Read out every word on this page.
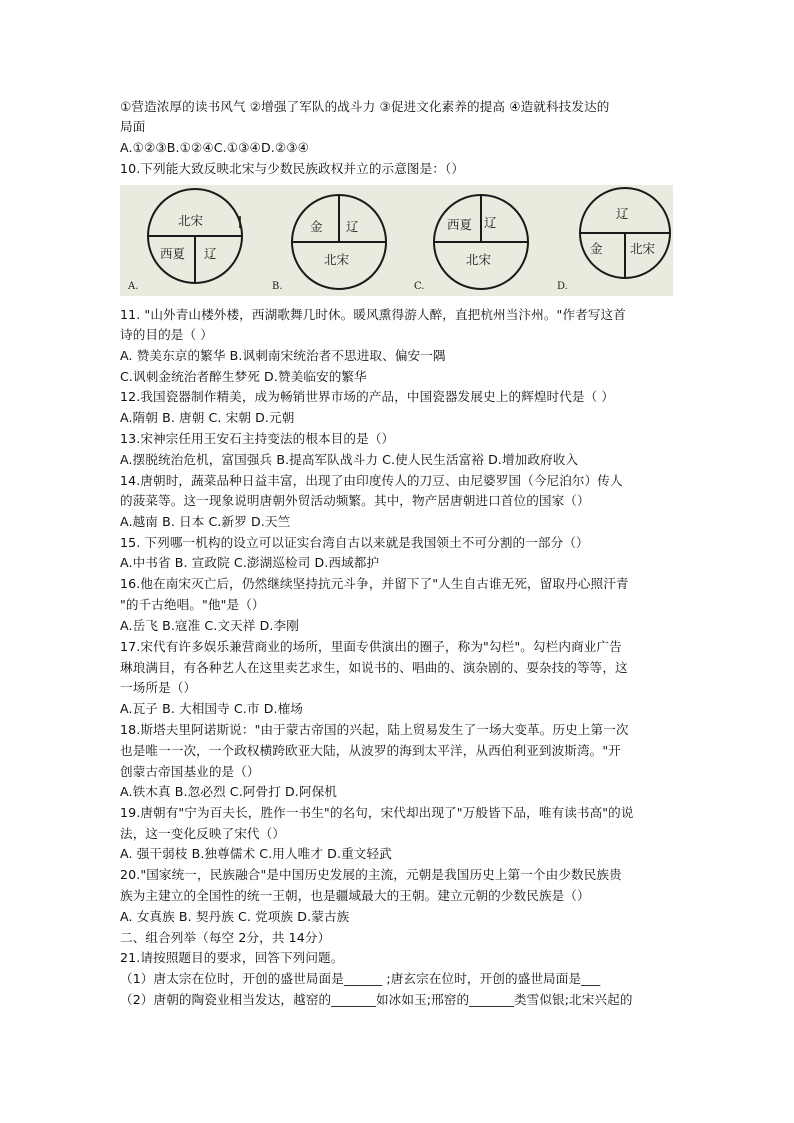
①营造浓厚的读书风气 ②增强了军队的战斗力 ③促进文化素养的提高 ④造就科技发达的
局面
A.①②③B.①②④C.①③④D.②③④
10.下列能大致反映北宋与少数民族政权并立的示意图是：（）
北宋
西夏 辽
金 辽
北宋
西夏 辽
北宋
辽
金 北宋
A.	B.	C.	D.
11. "山外青山楼外楼，西湖歌舞几时休。暖风熏得游人醉，直把杭州当汴州。"作者写这首
诗的目的是（ ）
A. 赞美东京的繁华 B.讽刺南宋统治者不思进取、偏安一隅
C.讽刺金统治者醉生梦死 D.赞美临安的繁华
12.我国瓷器制作精美，成为畅销世界市场的产品，中国瓷器发展史上的辉煌时代是（ ）
A.隋朝 B. 唐朝 C. 宋朝 D.元朝
13.宋神宗任用王安石主持变法的根本目的是（）
A.摆脱统治危机，富国强兵 B.提高军队战斗力 C.使人民生活富裕 D.增加政府收入
14.唐朝时，蔬菜品种日益丰富，出现了由印度传人的刀豆、由尼婆罗国（今尼泊尔）传人
的菠菜等。这一现象说明唐朝外贸活动频繁。其中，物产居唐朝进口首位的国家（）
A.越南 B. 日本 C.新罗 D.天竺
15. 下列哪一机构的设立可以证实台湾自古以来就是我国领土不可分割的一部分（）
A.中书省 B. 宣政院 C.澎湖巡检司 D.西域都护
16.他在南宋灭亡后，仍然继续坚持抗元斗争，并留下了"人生自古谁无死，留取丹心照汗青
"的千古绝唱。"他"是（）
A.岳飞 B.寇准 C.文天祥 D.李刚
17.宋代有许多娱乐兼营商业的场所，里面专供演出的圈子，称为"勾栏"。勾栏内商业广告
琳琅满目，有各种艺人在这里卖艺求生，如说书的、唱曲的、演杂剧的、耍杂技的等等，这
一场所是（）
A.瓦子 B. 大相国寺 C.市 D.榷场
18.斯塔夫里阿诺斯说："由于蒙古帝国的兴起，陆上贸易发生了一场大变革。历史上第一次
也是唯一一次，一个政权横跨欧亚大陆，从波罗的海到太平洋，从西伯利亚到波斯湾。"开
创蒙古帝国基业的是（）
A.铁木真 B.忽必烈 C.阿骨打 D.阿保机
19.唐朝有"宁为百夫长，胜作一书生"的名句，宋代却出现了"万般皆下品，唯有读书高"的说
法，这一变化反映了宋代（）
A. 强干弱枝 B.独尊儒术 C.用人唯才 D.重文轻武
20."国家统一，民族融合"是中国历史发展的主流，元朝是我国历史上第一个由少数民族贵
族为主建立的全国性的统一王朝，也是疆域最大的王朝。建立元朝的少数民族是（）
A. 女真族 B. 契丹族 C. 党项族 D.蒙古族
二、组合列举（每空 2分，共 14分）
21.请按照题目的要求，回答下列问题。
（1）唐太宗在位时，开创的盛世局面是______ ;唐玄宗在位时，开创的盛世局面是___
（2）唐朝的陶瓷业相当发达，越窑的_______如冰如玉;邢窑的_______类雪似银;北宋兴起的
